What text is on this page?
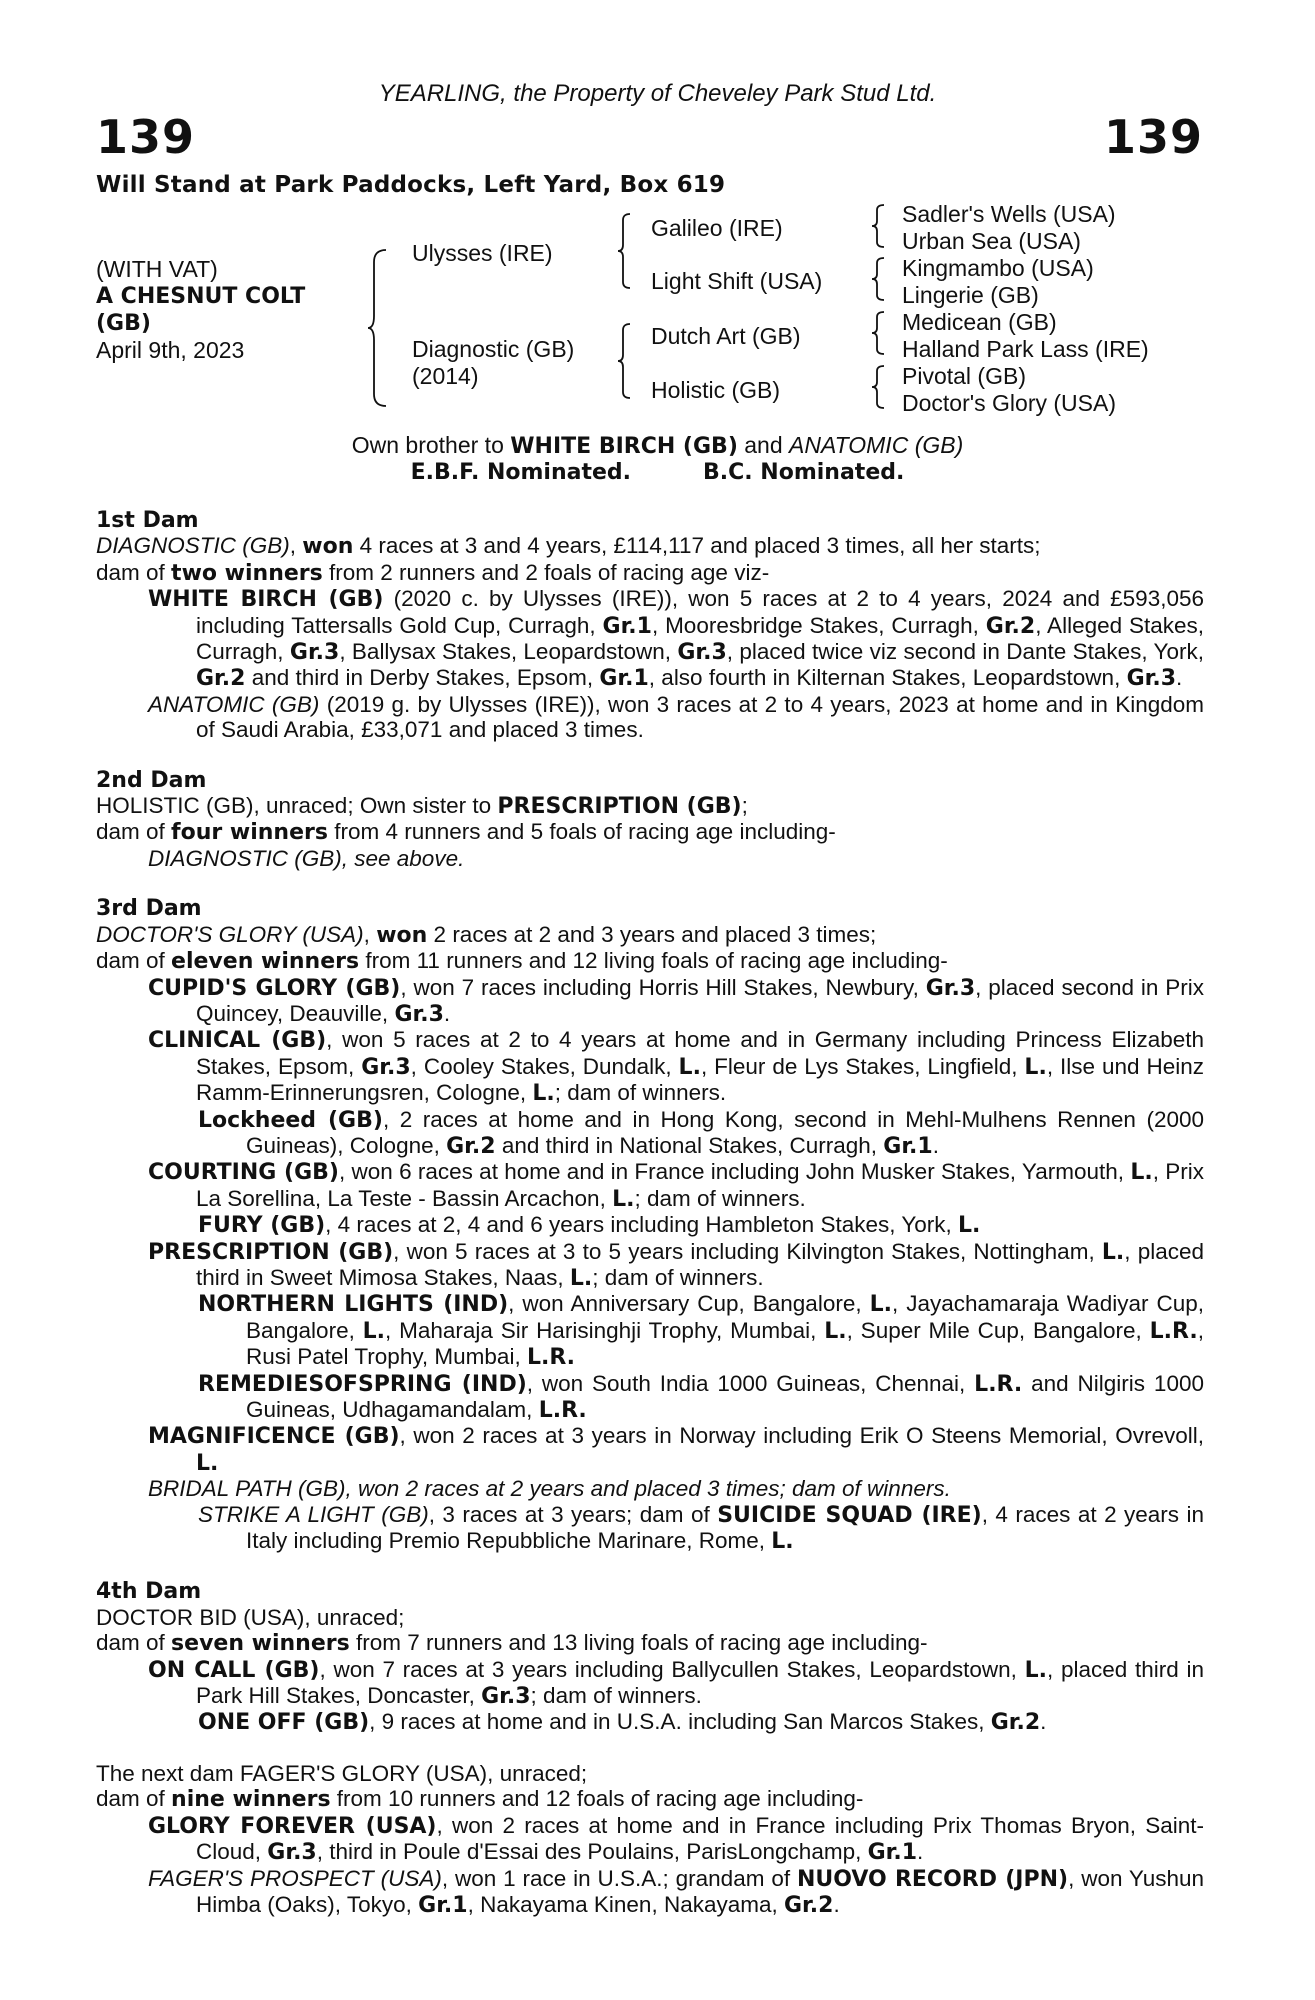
YEARLING, the Property of Cheveley Park Stud Ltd.
139	139
Will Stand at Park Paddocks, Left Yard, Box 619
(WITH VAT)
A CHESNUT COLT
(GB)
April 9th, 2023
Ulysses (IRE)
Diagnostic (GB)
(2014)
Galileo (IRE)
Light Shift (USA)
Dutch Art (GB)
Holistic (GB)
Sadler's Wells (USA)
Urban Sea (USA)
Kingmambo (USA)
Lingerie (GB)
Medicean (GB)
Halland Park Lass (IRE)
Pivotal (GB)
Doctor's Glory (USA)
Own brother to WHITE BIRCH (GB) and ANATOMIC (GB)
E.B.F. Nominated.	B.C. Nominated.

1st Dam

DIAGNOSTIC (GB), won 4 races at 3 and 4 years, £114,117 and placed 3 times, all her starts;

dam of two winners from 2 runners and 2 foals of racing age viz-

WHITE BIRCH (GB) (2020 c. by Ulysses (IRE)), won 5 races at 2 to 4 years, 2024 and £593,056 including Tattersalls Gold Cup, Curragh, Gr.1, Mooresbridge Stakes, Curragh, Gr.2, Alleged Stakes, Curragh, Gr.3, Ballysax Stakes, Leopardstown, Gr.3, placed twice viz second in Dante Stakes, York, Gr.2 and third in Derby Stakes, Epsom, Gr.1, also fourth in Kilternan Stakes, Leopardstown, Gr.3.

ANATOMIC (GB) (2019 g. by Ulysses (IRE)), won 3 races at 2 to 4 years, 2023 at home and in Kingdom of Saudi Arabia, £33,071 and placed 3 times.

2nd Dam

HOLISTIC (GB), unraced; Own sister to PRESCRIPTION (GB);

dam of four winners from 4 runners and 5 foals of racing age including-

DIAGNOSTIC (GB), see above.

3rd Dam

DOCTOR'S GLORY (USA), won 2 races at 2 and 3 years and placed 3 times;

dam of eleven winners from 11 runners and 12 living foals of racing age including-

CUPID'S GLORY (GB), won 7 races including Horris Hill Stakes, Newbury, Gr.3, placed second in Prix Quincey, Deauville, Gr.3.

CLINICAL (GB), won 5 races at 2 to 4 years at home and in Germany including Princess Elizabeth Stakes, Epsom, Gr.3, Cooley Stakes, Dundalk, L., Fleur de Lys Stakes, Lingfield, L., Ilse und Heinz Ramm-Erinnerungsren, Cologne, L.; dam of winners.

Lockheed (GB), 2 races at home and in Hong Kong, second in Mehl-Mulhens Rennen (2000 Guineas), Cologne, Gr.2 and third in National Stakes, Curragh, Gr.1.

COURTING (GB), won 6 races at home and in France including John Musker Stakes, Yarmouth, L., Prix La Sorellina, La Teste - Bassin Arcachon, L.; dam of winners.

FURY (GB), 4 races at 2, 4 and 6 years including Hambleton Stakes, York, L.

PRESCRIPTION (GB), won 5 races at 3 to 5 years including Kilvington Stakes, Nottingham, L., placed third in Sweet Mimosa Stakes, Naas, L.; dam of winners.

NORTHERN LIGHTS (IND), won Anniversary Cup, Bangalore, L., Jayachamaraja Wadiyar Cup, Bangalore, L., Maharaja Sir Harisinghji Trophy, Mumbai, L., Super Mile Cup, Bangalore, L.R., Rusi Patel Trophy, Mumbai, L.R.

REMEDIESOFSPRING (IND), won South India 1000 Guineas, Chennai, L.R. and Nilgiris 1000 Guineas, Udhagamandalam, L.R.

MAGNIFICENCE (GB), won 2 races at 3 years in Norway including Erik O Steens Memorial, Ovrevoll, L.

BRIDAL PATH (GB), won 2 races at 2 years and placed 3 times; dam of winners.

STRIKE A LIGHT (GB), 3 races at 3 years; dam of SUICIDE SQUAD (IRE), 4 races at 2 years in Italy including Premio Repubbliche Marinare, Rome, L.

4th Dam

DOCTOR BID (USA), unraced;

dam of seven winners from 7 runners and 13 living foals of racing age including-

ON CALL (GB), won 7 races at 3 years including Ballycullen Stakes, Leopardstown, L., placed third in Park Hill Stakes, Doncaster, Gr.3; dam of winners.

ONE OFF (GB), 9 races at home and in U.S.A. including San Marcos Stakes, Gr.2.

The next dam FAGER'S GLORY (USA), unraced;

dam of nine winners from 10 runners and 12 foals of racing age including-

GLORY FOREVER (USA), won 2 races at home and in France including Prix Thomas Bryon, Saint-Cloud, Gr.3, third in Poule d'Essai des Poulains, ParisLongchamp, Gr.1.

FAGER'S PROSPECT (USA), won 1 race in U.S.A.; grandam of NUOVO RECORD (JPN), won Yushun Himba (Oaks), Tokyo, Gr.1, Nakayama Kinen, Nakayama, Gr.2.
